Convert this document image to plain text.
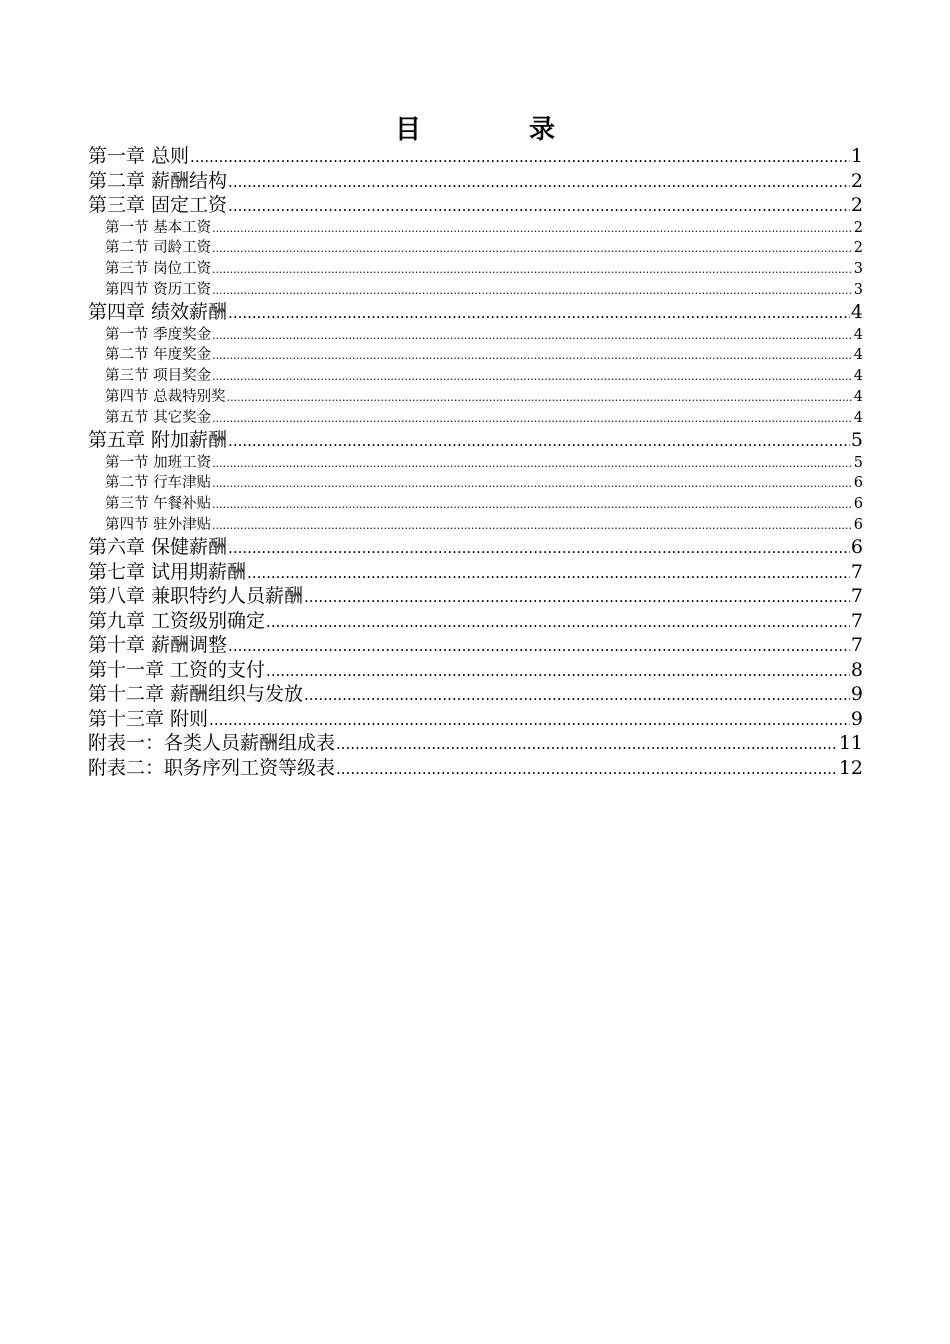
目	录
第一章 总则 .....	1
第二章 薪酬结构 .....	2
第三章 固定工资 .....	2
第一节 基本工资 .....	2
第二节 司龄工资 .....	2
第三节 岗位工资 .....	3
第四节 资历工资 .....	3
第四章 绩效薪酬 .....	4
第一节 季度奖金 .....	4
第二节 年度奖金 .....	4
第三节 项目奖金 .....	4
第四节 总裁特别奖 .....	4
第五节 其它奖金 .....	4
第五章 附加薪酬 .....	5
第一节 加班工资 .....	5
第二节 行车津贴 .....	6
第三节 午餐补贴 .....	6
第四节 驻外津贴 .....	6
第六章 保健薪酬 .....	6
第七章 试用期薪酬 .....	7
第八章 兼职特约人员薪酬 .....	7
第九章 工资级别确定 .....	7
第十章 薪酬调整 .....	7
第十一章 工资的支付 .....	8
第十二章 薪酬组织与发放 .....	9
第十三章 附则 .....	9
附表一：各类人员薪酬组成表 .....	11
附表二：职务序列工资等级表 .....	12
